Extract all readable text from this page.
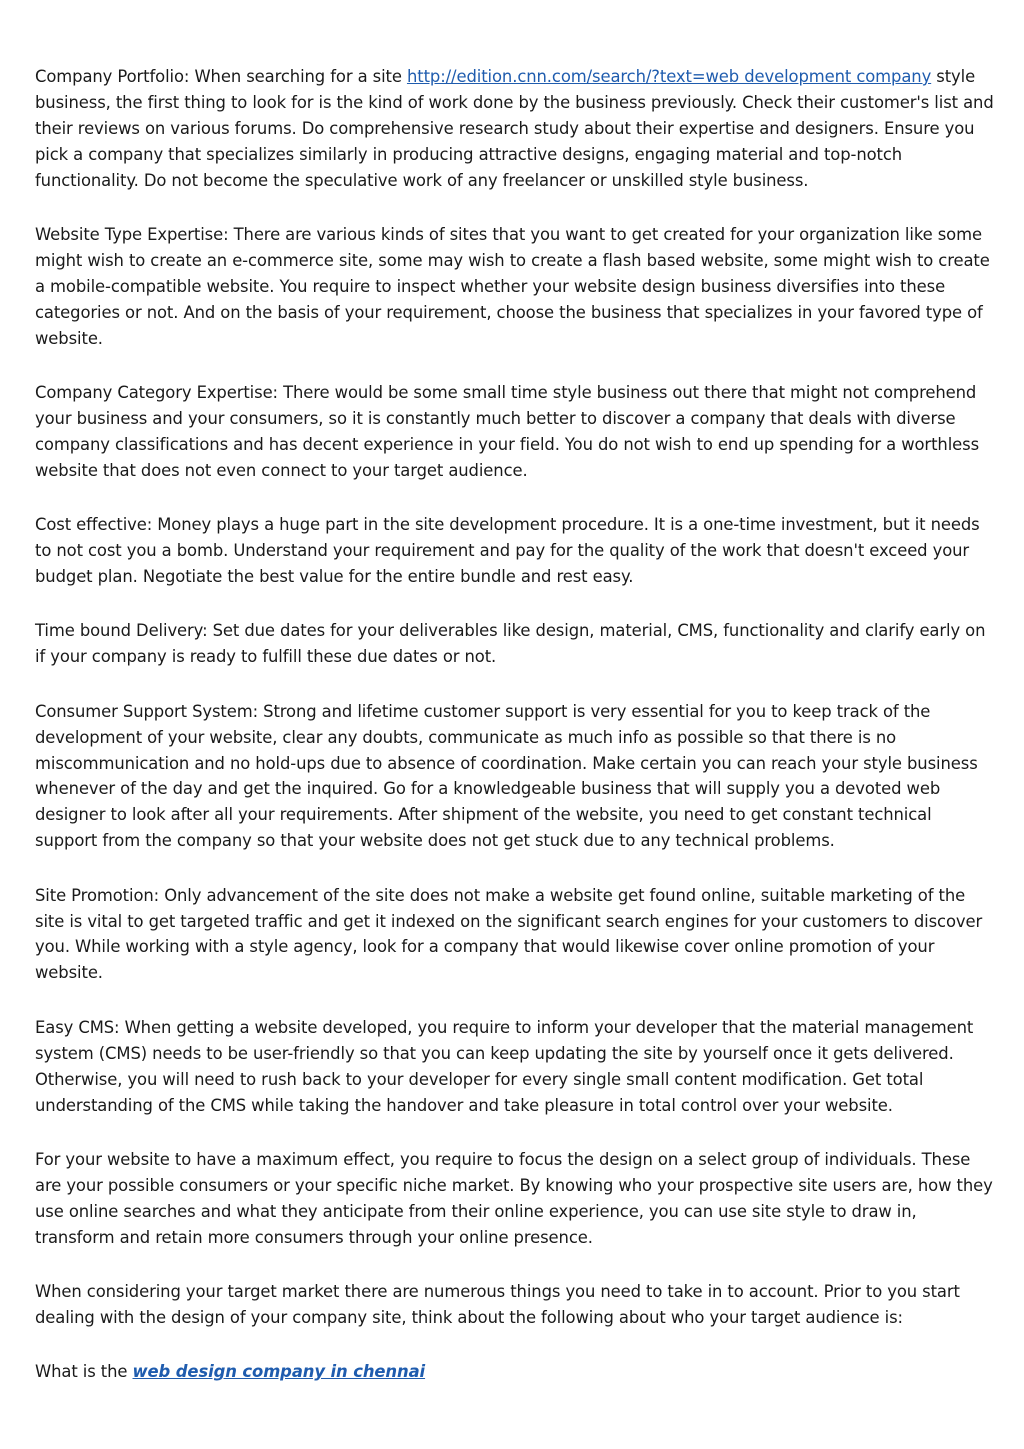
Company Portfolio: When searching for a site http://edition.cnn.com/search/?text=web development company style business, the first thing to look for is the kind of work done by the business previously. Check their customer's list and their reviews on various forums. Do comprehensive research study about their expertise and designers. Ensure you pick a company that specializes similarly in producing attractive designs, engaging material and top-notch functionality. Do not become the speculative work of any freelancer or unskilled style business.

Website Type Expertise: There are various kinds of sites that you want to get created for your organization like some might wish to create an e-commerce site, some may wish to create a flash based website, some might wish to create a mobile-compatible website. You require to inspect whether your website design business diversifies into these categories or not. And on the basis of your requirement, choose the business that specializes in your favored type of website.

Company Category Expertise: There would be some small time style business out there that might not comprehend your business and your consumers, so it is constantly much better to discover a company that deals with diverse company classifications and has decent experience in your field. You do not wish to end up spending for a worthless website that does not even connect to your target audience.

Cost effective: Money plays a huge part in the site development procedure. It is a one-time investment, but it needs to not cost you a bomb. Understand your requirement and pay for the quality of the work that doesn't exceed your budget plan. Negotiate the best value for the entire bundle and rest easy.

Time bound Delivery: Set due dates for your deliverables like design, material, CMS, functionality and clarify early on if your company is ready to fulfill these due dates or not.

Consumer Support System: Strong and lifetime customer support is very essential for you to keep track of the development of your website, clear any doubts, communicate as much info as possible so that there is no miscommunication and no hold-ups due to absence of coordination. Make certain you can reach your style business whenever of the day and get the inquired. Go for a knowledgeable business that will supply you a devoted web designer to look after all your requirements. After shipment of the website, you need to get constant technical support from the company so that your website does not get stuck due to any technical problems.

Site Promotion: Only advancement of the site does not make a website get found online, suitable marketing of the site is vital to get targeted traffic and get it indexed on the significant search engines for your customers to discover you. While working with a style agency, look for a company that would likewise cover online promotion of your website.

Easy CMS: When getting a website developed, you require to inform your developer that the material management system (CMS) needs to be user-friendly so that you can keep updating the site by yourself once it gets delivered. Otherwise, you will need to rush back to your developer for every single small content modification. Get total understanding of the CMS while taking the handover and take pleasure in total control over your website.

For your website to have a maximum effect, you require to focus the design on a select group of individuals. These are your possible consumers or your specific niche market. By knowing who your prospective site users are, how they use online searches and what they anticipate from their online experience, you can use site style to draw in, transform and retain more consumers through your online presence.

When considering your target market there are numerous things you need to take in to account. Prior to you start dealing with the design of your company site, think about the following about who your target audience is:

What is the web design company in chennai
